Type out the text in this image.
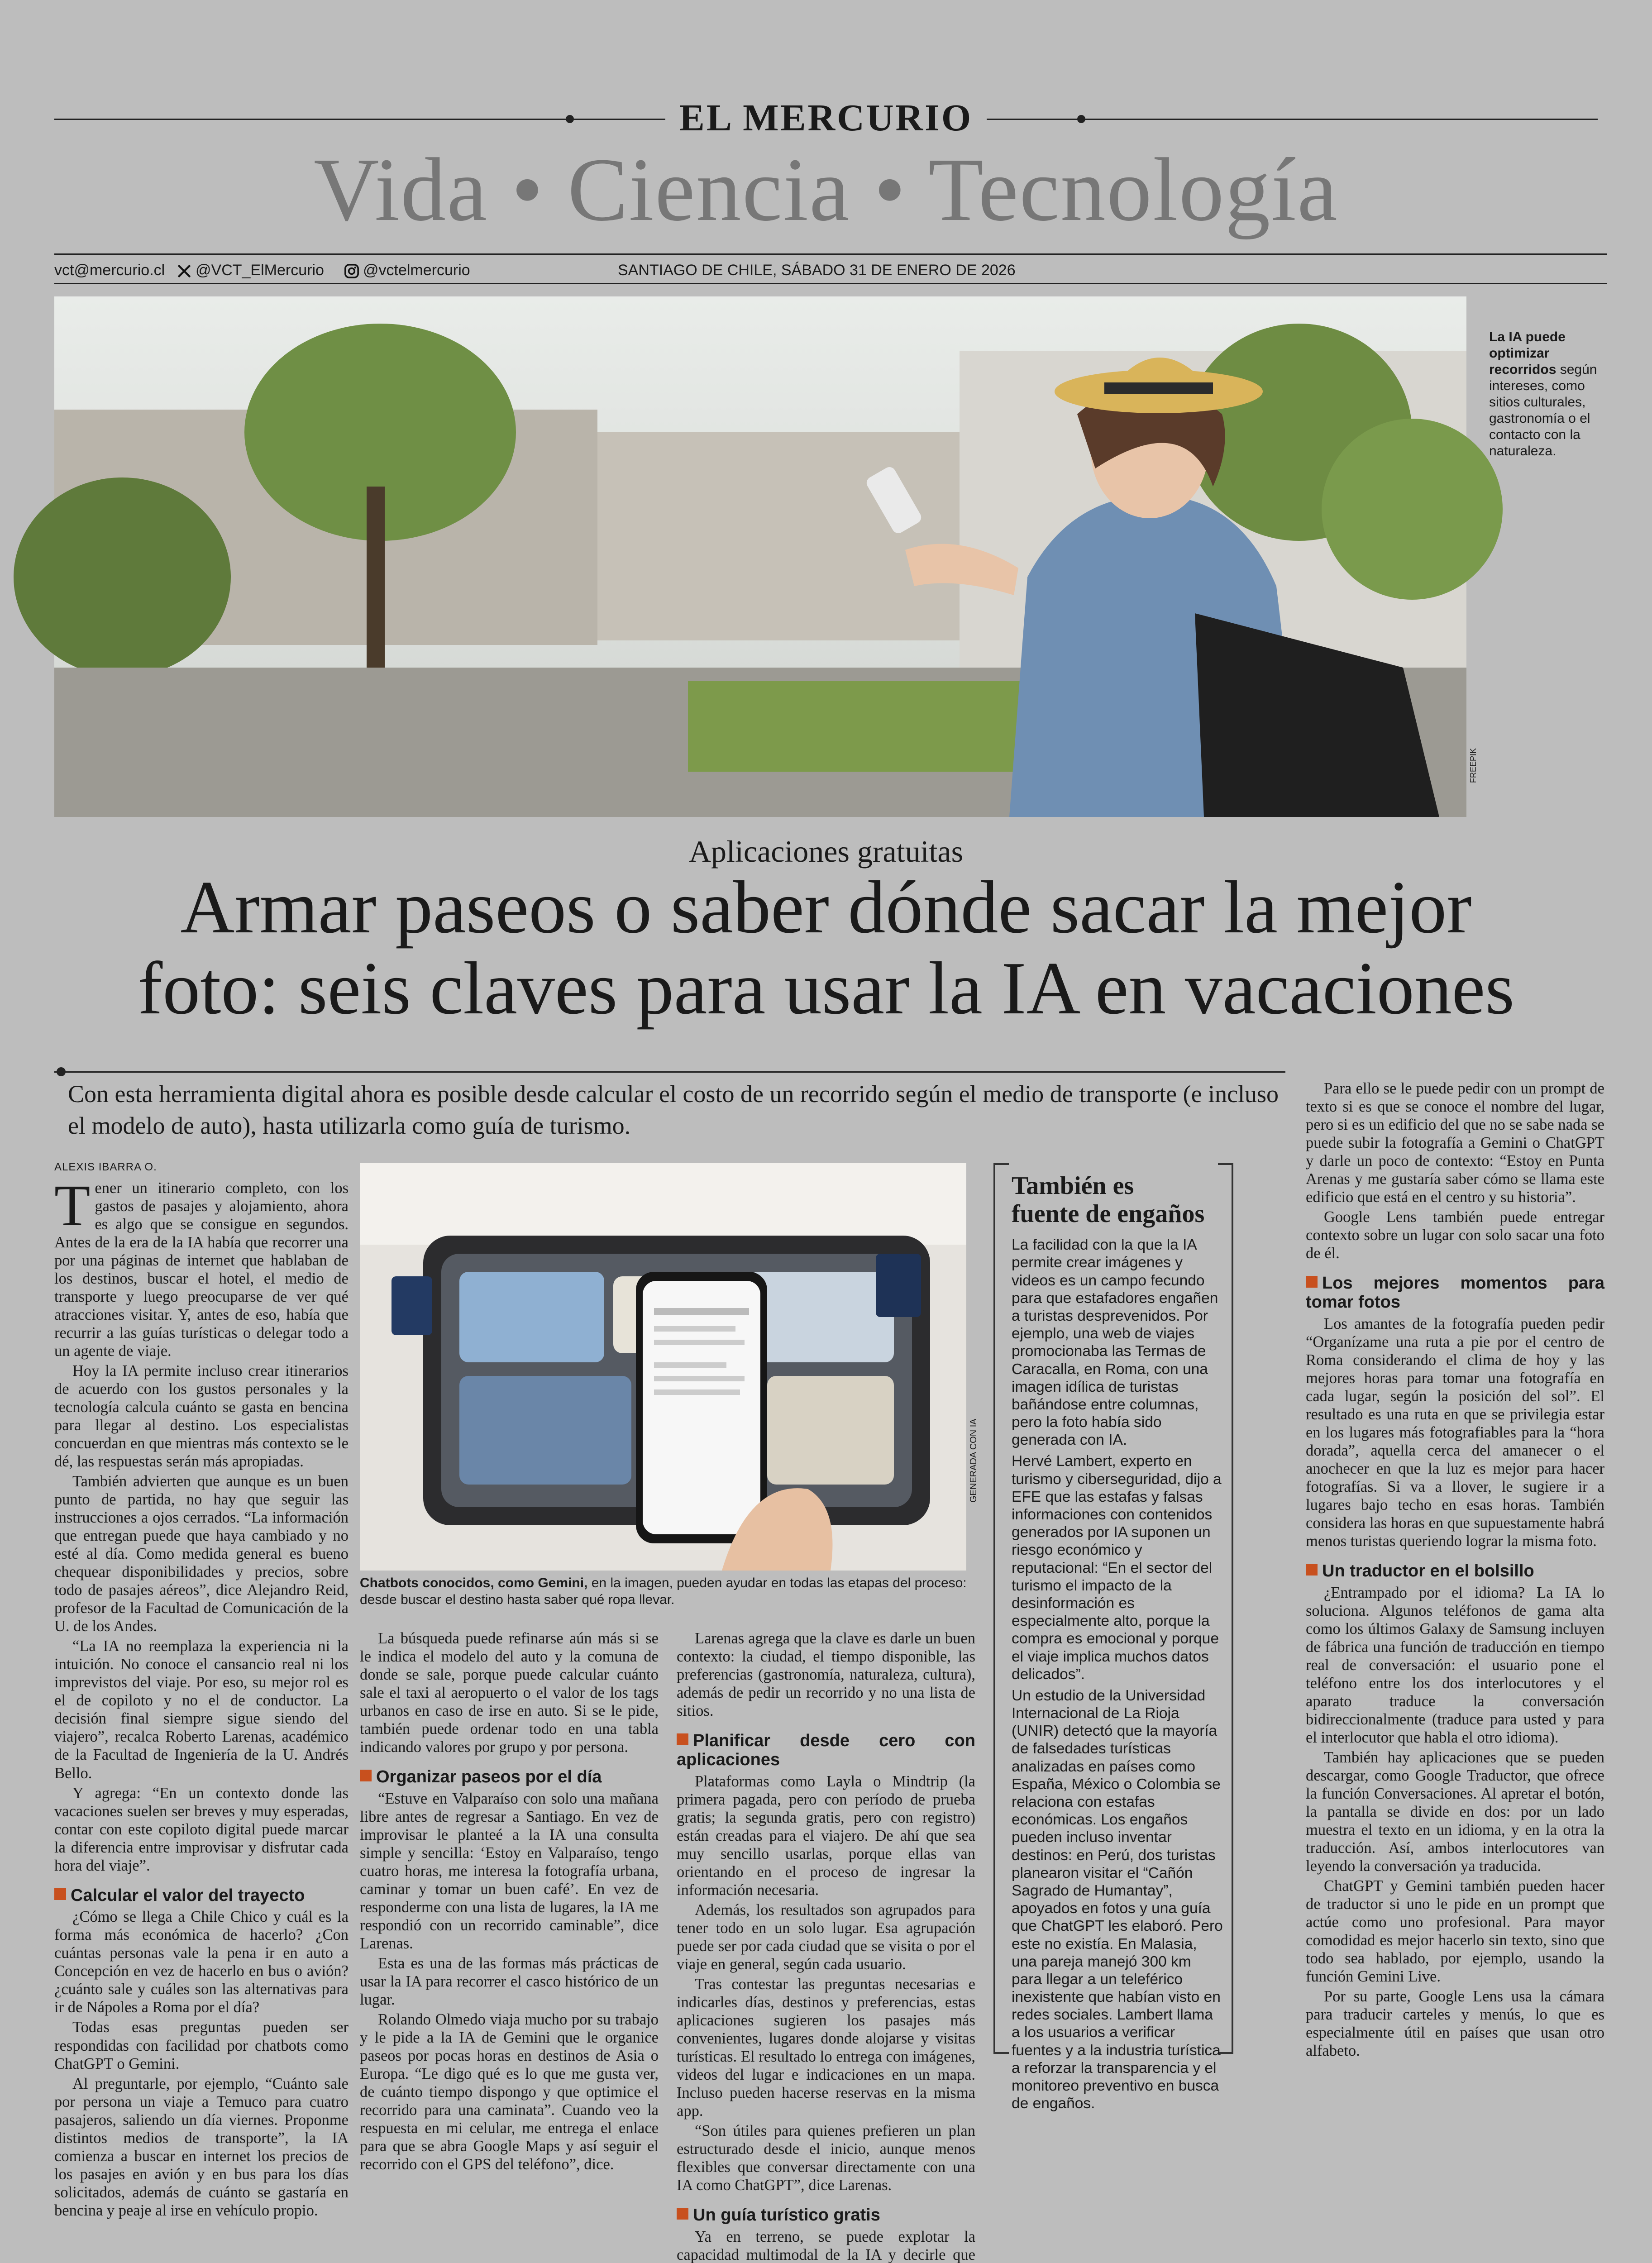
EL MERCURIO
Vida • Ciencia • Tecnología
vct@mercurio.cl	@VCT_ElMercurio	@vctelmercurio	SANTIAGO DE CHILE, SÁBADO 31 DE ENERO DE 2026
La IA puede optimizar recorridos según intereses, como sitios culturales, gastronomía o el contacto con la naturaleza.
FREEPIK
Aplicaciones gratuitas
Armar paseos o saber dónde sacar la mejor
foto: seis claves para usar la IA en vacaciones
Con esta herramienta digital ahora es posible desde calcular el costo de un recorrido según el medio de transporte (e incluso el modelo de auto), hasta utilizarla como guía de turismo.
ALEXIS IBARRA O.

Tener un itinerario completo, con los gastos de pasajes y alojamiento, ahora es algo que se consigue en segundos. Antes de la era de la IA había que recorrer una por una páginas de internet que hablaban de los destinos, buscar el hotel, el medio de transporte y luego preocuparse de ver qué atracciones visitar. Y, antes de eso, había que recurrir a las guías turísticas o delegar todo a un agente de viaje.

Hoy la IA permite incluso crear itinerarios de acuerdo con los gustos personales y la tecnología calcula cuánto se gasta en bencina para llegar al destino. Los especialistas concuerdan en que mientras más contexto se le dé, las respuestas serán más apropiadas.

También advierten que aunque es un buen punto de partida, no hay que seguir las instrucciones a ojos cerrados. “La información que entregan puede que haya cambiado y no esté al día. Como medida general es bueno chequear disponibilidades y precios, sobre todo de pasajes aéreos”, dice Alejandro Reid, profesor de la Facultad de Comunicación de la U. de los Andes.

“La IA no reemplaza la experiencia ni la intuición. No conoce el cansancio real ni los imprevistos del viaje. Por eso, su mejor rol es el de copiloto y no el de conductor. La decisión final siempre sigue siendo del viajero”, recalca Roberto Larenas, académico de la Facultad de Ingeniería de la U. Andrés Bello.

Y agrega: “En un contexto donde las vacaciones suelen ser breves y muy esperadas, contar con este copiloto digital puede marcar la diferencia entre improvisar y disfrutar cada hora del viaje”.

Calcular el valor del trayecto

¿Cómo se llega a Chile Chico y cuál es la forma más económica de hacerlo? ¿Con cuántas personas vale la pena ir en auto a Concepción en vez de hacerlo en bus o avión? ¿cuánto sale y cuáles son las alternativas para ir de Nápoles a Roma por el día?

Todas esas preguntas pueden ser respondidas con facilidad por chatbots como ChatGPT o Gemini.

Al preguntarle, por ejemplo, “Cuánto sale por persona un viaje a Temuco para cuatro pasajeros, saliendo un día viernes. Proponme distintos medios de transporte”, la IA comienza a buscar en internet los precios de los pasajes en avión y en bus para los días solicitados, además de cuánto se gastaría en bencina y peaje al irse en vehículo propio.

GENERADA CON IA
Chatbots conocidos, como Gemini, en la imagen, pueden ayudar en todas las etapas del proceso: desde buscar el destino hasta saber qué ropa llevar.

La búsqueda puede refinarse aún más si se le indica el modelo del auto y la comuna de donde se sale, porque puede calcular cuánto sale el taxi al aeropuerto o el valor de los tags urbanos en caso de irse en auto. Si se le pide, también puede ordenar todo en una tabla indicando valores por grupo y por persona.

Organizar paseos por el día

“Estuve en Valparaíso con solo una mañana libre antes de regresar a Santiago. En vez de improvisar le planteé a la IA una consulta simple y sencilla: ‘Estoy en Valparaíso, tengo cuatro horas, me interesa la fotografía urbana, caminar y tomar un buen café’. En vez de responderme con una lista de lugares, la IA me respondió con un recorrido caminable”, dice Larenas.

Esta es una de las formas más prácticas de usar la IA para recorrer el casco histórico de un lugar.

Rolando Olmedo viaja mucho por su trabajo y le pide a la IA de Gemini que le organice paseos por pocas horas en destinos de Asia o Europa. “Le digo qué es lo que me gusta ver, de cuánto tiempo dispongo y que optimice el recorrido para una caminata”. Cuando veo la respuesta en mi celular, me entrega el enlace para que se abra Google Maps y así seguir el recorrido con el GPS del teléfono”, dice.

Larenas agrega que la clave es darle un buen contexto: la ciudad, el tiempo disponible, las preferencias (gastronomía, naturaleza, cultura), además de pedir un recorrido y no una lista de sitios.

Planificar desde cero con aplicaciones

Plataformas como Layla o Mindtrip (la primera pagada, pero con período de prueba gratis; la segunda gratis, pero con registro) están creadas para el viajero. De ahí que sea muy sencillo usarlas, porque ellas van orientando en el proceso de ingresar la información necesaria.

Además, los resultados son agrupados para tener todo en un solo lugar. Esa agrupación puede ser por cada ciudad que se visita o por el viaje en general, según cada usuario.

Tras contestar las preguntas necesarias e indicarles días, destinos y preferencias, estas aplicaciones sugieren los pasajes más convenientes, lugares donde alojarse y visitas turísticas. El resultado lo entrega con imágenes, videos del lugar e indicaciones en un mapa. Incluso pueden hacerse reservas en la misma app.

“Son útiles para quienes prefieren un plan estructurado desde el inicio, aunque menos flexibles que conversar directamente con una IA como ChatGPT”, dice Larenas.

Un guía turístico gratis

Ya en terreno, se puede explotar la capacidad multimodal de la IA y decirle que

También es
fuente de engaños

La facilidad con la que la IA permite crear imágenes y videos es un campo fecundo para que estafadores engañen a turistas desprevenidos. Por ejemplo, una web de viajes promocionaba las Termas de Caracalla, en Roma, con una imagen idílica de turistas bañándose entre columnas, pero la foto había sido generada con IA.

Hervé Lambert, experto en turismo y ciberseguridad, dijo a EFE que las estafas y falsas informaciones con contenidos generados por IA suponen un riesgo económico y reputacional: “En el sector del turismo el impacto de la desinformación es especialmente alto, porque la compra es emocional y porque el viaje implica muchos datos delicados”.

Un estudio de la Universidad Internacional de La Rioja (UNIR) detectó que la mayoría de falsedades turísticas analizadas en países como España, México o Colombia se relaciona con estafas económicas. Los engaños pueden incluso inventar destinos: en Perú, dos turistas planearon visitar el “Cañón Sagrado de Humantay”, apoyados en fotos y una guía que ChatGPT les elaboró. Pero este no existía. En Malasia, una pareja manejó 300 km para llegar a un teleférico inexistente que habían visto en redes sociales. Lambert llama a los usuarios a verificar fuentes y a la industria turística a reforzar la transparencia y el monitoreo preventivo en busca de engaños.

Para ello se le puede pedir con un prompt de texto si es que se conoce el nombre del lugar, pero si es un edificio del que no se sabe nada se puede subir la fotografía a Gemini o ChatGPT y darle un poco de contexto: “Estoy en Punta Arenas y me gustaría saber cómo se llama este edificio que está en el centro y su historia”.

Google Lens también puede entregar contexto sobre un lugar con solo sacar una foto de él.

Los mejores momentos para tomar fotos

Los amantes de la fotografía pueden pedir “Organízame una ruta a pie por el centro de Roma considerando el clima de hoy y las mejores horas para tomar una fotografía en cada lugar, según la posición del sol”. El resultado es una ruta en que se privilegia estar en los lugares más fotografiables para la “hora dorada”, aquella cerca del amanecer o el anochecer en que la luz es mejor para hacer fotografías. Si va a llover, le sugiere ir a lugares bajo techo en esas horas. También considera las horas en que supuestamente habrá menos turistas queriendo lograr la misma foto.

Un traductor en el bolsillo

¿Entrampado por el idioma? La IA lo soluciona. Algunos teléfonos de gama alta como los últimos Galaxy de Samsung incluyen de fábrica una función de traducción en tiempo real de conversación: el usuario pone el teléfono entre los dos interlocutores y el aparato traduce la conversación bidireccionalmente (traduce para usted y para el interlocutor que habla el otro idioma).

También hay aplicaciones que se pueden descargar, como Google Traductor, que ofrece la función Conversaciones. Al apretar el botón, la pantalla se divide en dos: por un lado muestra el texto en un idioma, y en la otra la traducción. Así, ambos interlocutores van leyendo la conversación ya traducida.

ChatGPT y Gemini también pueden hacer de traductor si uno le pide en un prompt que actúe como uno profesional. Para mayor comodidad es mejor hacerlo sin texto, sino que todo sea hablado, por ejemplo, usando la función Gemini Live.

Por su parte, Google Lens usa la cámara para traducir carteles y menús, lo que es especialmente útil en países que usan otro alfabeto.
